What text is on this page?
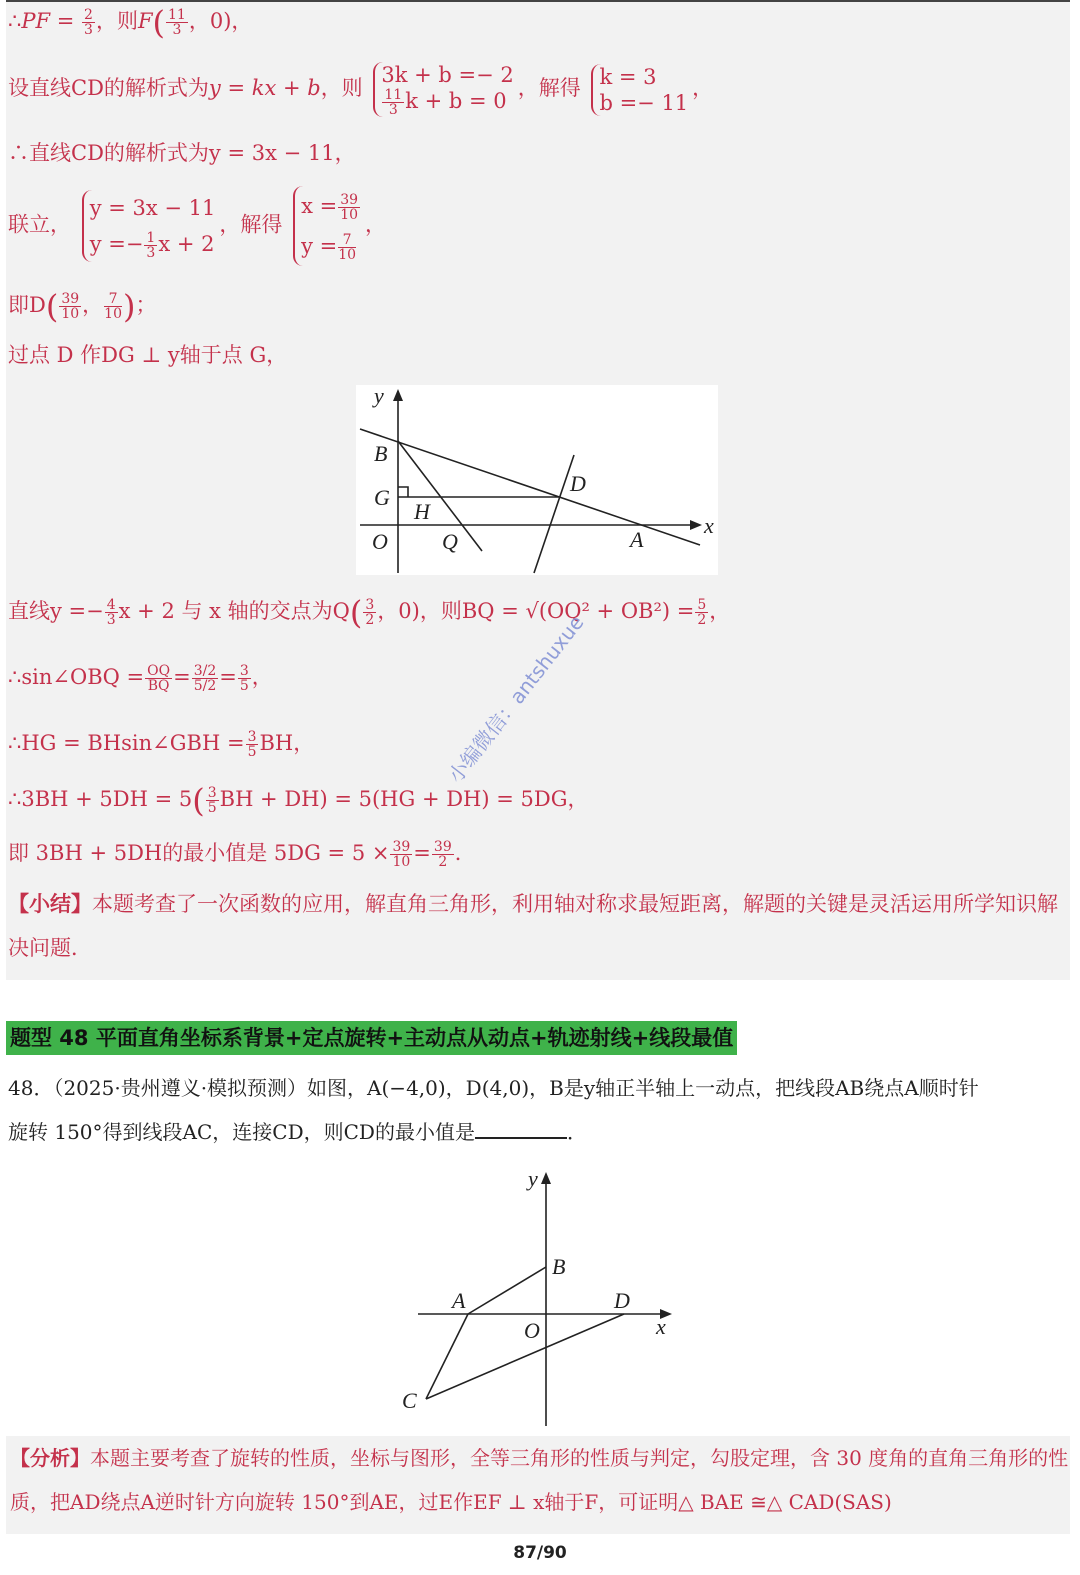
∴PF = $\frac{2}{3}$ ，则$F( \frac{11}{3}$ ，0)，
设直线CD的解析式为y = kx + b，则
3k + b =− 2
$\frac{11}{3}$ k + b = 0
，解得 k = 3
b =− 11
，
∴直线CD的解析式为y = 3x − 11，
联立，
y = 3x − 11
$y =- \frac{1}{3}$ x + 2
，解得
$x = \frac{39}{10}$
$y = \frac{7}{10}$
，
即$D( \frac{39}{10}$ ， $\frac{7}{10}$ )；
过点 D 作DG ⊥ y轴于点 G，
y
x
B
G
H
D
O Q	A
直线$y =- \frac{4}{3}$ x + 2 与 x 轴的交点为$Q( \frac{3}{2}$ ，0)，则BQ = $√(OQ^2 + OB^2) = \frac{5}{2}$ ，
∴sin∠OBQ = $\frac{OQ}{BQ} = \frac{3/2}{5/2} = \frac{3}{5}$ ，
∴HG = BHsin∠GBH = $\frac{3}{5}$ BH，
∴3BH + $5DH = 5( \frac{3}{5}$ BH + DH) = 5(HG + DH) = 5DG，
即 3BH + 5DH的最小值是 $5DG = 5 \times \frac{39}{10} = \frac{39}{2}$ ．
【小结】本题考查了一次函数的应用，解直角三角形，利用轴对称求最短距离，解题的关键是灵活运用所学知识解决问题．
小编微信：antshuxue
题型 48 平面直角坐标系背景+定点旋转+主动点从动点+轨迹射线+线段最值
48．（2025·贵州遵义·模拟预测）如图，A(−4,0)，D(4,0)，B是y轴正半轴上一动点，把线段AB绕点A顺时针
旋转 150°得到线段AC，连接CD，则CD的最小值是	．
y
x
A
B
O
D
C
【分析】本题主要考查了旋转的性质，坐标与图形，全等三角形的性质与判定，勾股定理，含 30 度角的直角三角形的性质，把AD绕点A逆时针方向旋转 150°到AE，过E作EF ⊥ x轴于F，可证明△ BAE ≅△ CAD(SAS)
87/90
